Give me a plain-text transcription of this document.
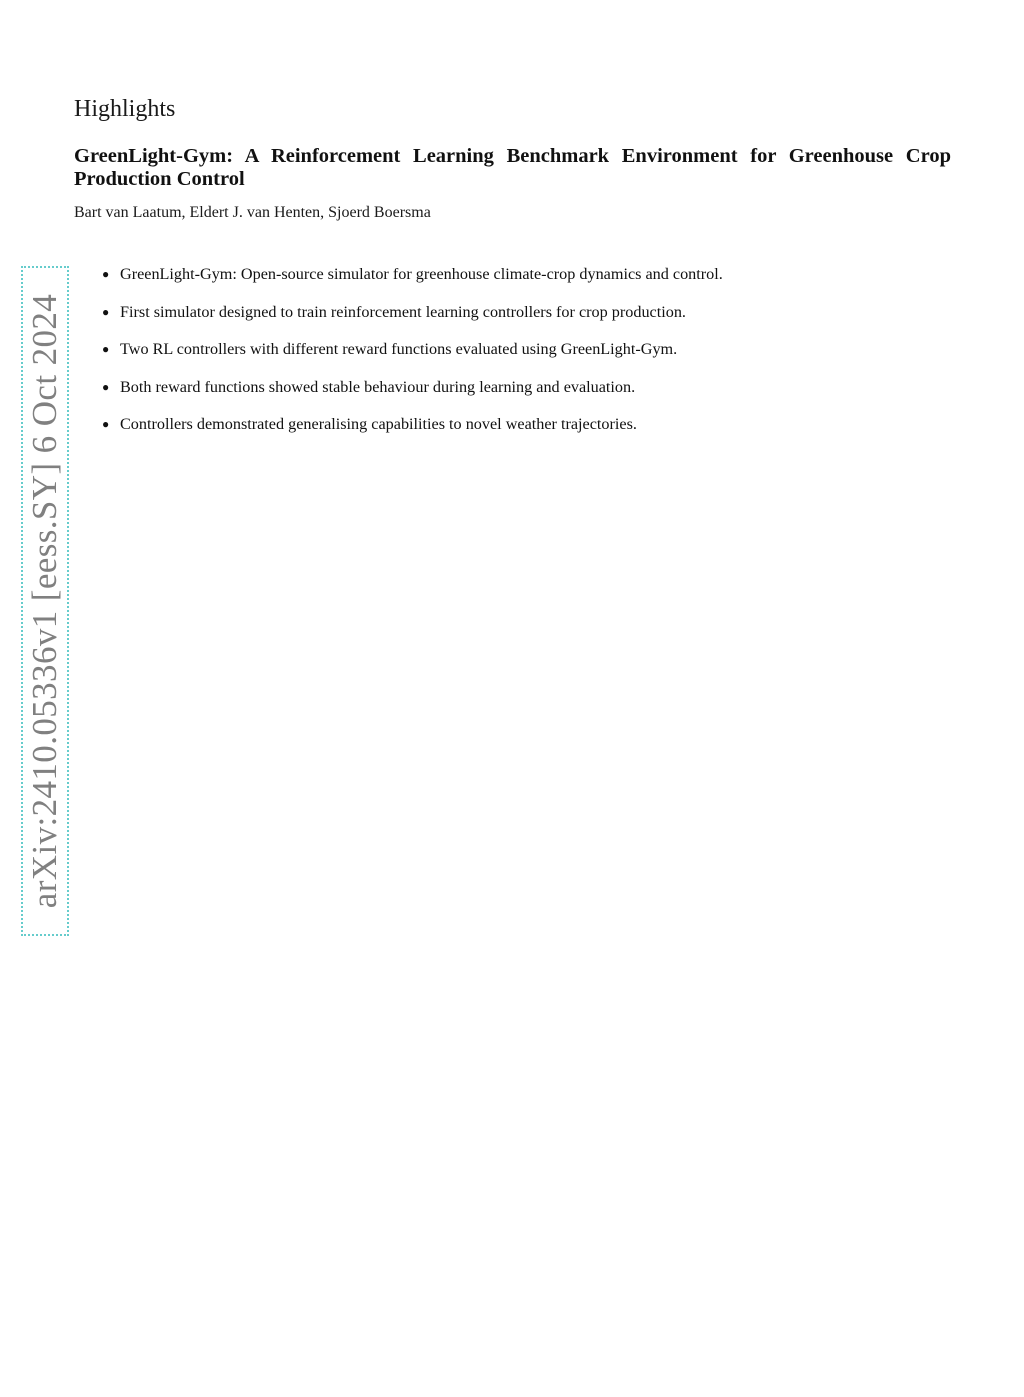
Highlights
GreenLight-Gym: A Reinforcement Learning Benchmark Environment for Greenhouse Crop Production Control

Bart van Laatum, Eldert J. van Henten, Sjoerd Boersma

● GreenLight-Gym: Open-source simulator for greenhouse climate-crop dynamics and control.
● First simulator designed to train reinforcement learning controllers for crop production.
● Two RL controllers with different reward functions evaluated using GreenLight-Gym.
● Both reward functions showed stable behaviour during learning and evaluation.
● Controllers demonstrated generalising capabilities to novel weather trajectories.
arXiv:2410.05336v1 [eess.SY] 6 Oct 2024
